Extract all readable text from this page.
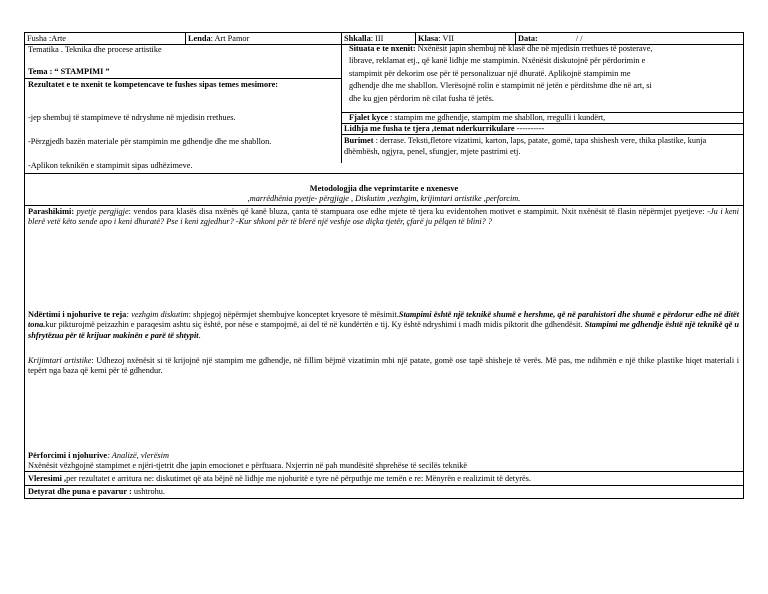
Fusha :Arte	Lenda: Art Pamor	Shkalla: III	Klasa: VII	Data:	/ /
Tematika . Teknika dhe procese artistike
Tema : “ STAMPIMI ”
Rezultatet e te nxenit te kompetencave te fushes sipas temes mesimore:
-jep shembuj të stampimeve të ndryshme në mjedisin rrethues.
-Përzgjedh bazën materiale për stampimin me gdhendje dhe me shabllon.
-Aplikon teknikën e stampimit sipas udhëzimeve.
Situata e te nxenit: Nxënësit japin shembuj në klasë dhe në mjedisin rrethues të posterave,
librave, reklamat etj., që kanë lidhje me stampimin. Nxënësit diskutojnë për përdorimin e
stampimit për dekorim ose për të personalizuar një dhuratë. Aplikojnë stampimin me
gdhendje dhe me shabllon. Vlerësojnë rolin e stampimit në jetën e përditshme dhe në art, si
dhe ku gjen përdorim në cilat fusha të jetës.
Fjalet kyce : stampim me gdhendje, stampim me shabllon, rregulli i kundërt,
Lidhja me fusha te tjera ,temat nderkurrikulare ----------
Burimet : derrase. Teksti,fletore vizatimi, karton, laps, patate, gomë, tapa shishesh vere, thika plastike, kunja dhëmbësh, ngjyra, penel, sfungjer, mjete pastrimi etj.
Metodologjia dhe veprimtarite e nxenesve
,marrëdhënia pyetje- përgjigje , Diskutim ,vezhgim, krijimtari artistike ,perforcim.
Parashikimi: pyetje pergjigje: vendos para klasës disa nxënës që kanë bluza, çanta të stampuara ose edhe mjete të tjera ku evidentohen motivet e stampimit. Nxit nxënësit të flasin nëpërmjet pyetjeve: -Ju i keni blerë vetë këto sende apo i keni dhuratë? Pse i keni zgjedhur? -Kur shkoni për të blerë një veshje ose diçka tjetër, çfarë ju pëlqen të blini? ?
Ndërtimi i njohurive te reja: vezhgim diskutim: shpjegoj nëpërmjet shembujve konceptet kryesore të mësimit.Stampimi është një teknikë shumë e hershme, që në parahistori dhe shumë e përdorur edhe në ditët tona.kur pikturojmë peizazhin e paraqesim ashtu siç është, por nëse e stampojmë, ai del të në kundërtën e tij. Ky është ndryshimi i madh midis piktorit dhe gdhendësit. Stampimi me gdhendje është një teknikë që u shfrytëzua për të krijuar makinën e parë të shtypit.
Krijimtari artistike: Udhezoj nxënësit si të krijojnë një stampim me gdhendje, në fillim bëjmë vizatimin mbi një patate, gomë ose tapë shisheje të verës. Më pas, me ndihmën e një thike plastike hiqet materiali i tepërt nga baza që kemi për të gdhendur.
Përforcimi i njohurive: Analizë, vlerësim
Nxënësit vëzhgojnë stampimet e njëri-tjetrit dhe japin emocionet e përftuara. Nxjerrin në pah mundësitë shprehëse të secilës teknikë
Vleresimi ,per rezultatet e arritura ne: diskutimet që ata bëjnë në lidhje me njohuritë e tyre në përputhje me temën e re: Mënyrën e realizimit të detyrës.
Detyrat dhe puna e pavarur : ushtrohu.
